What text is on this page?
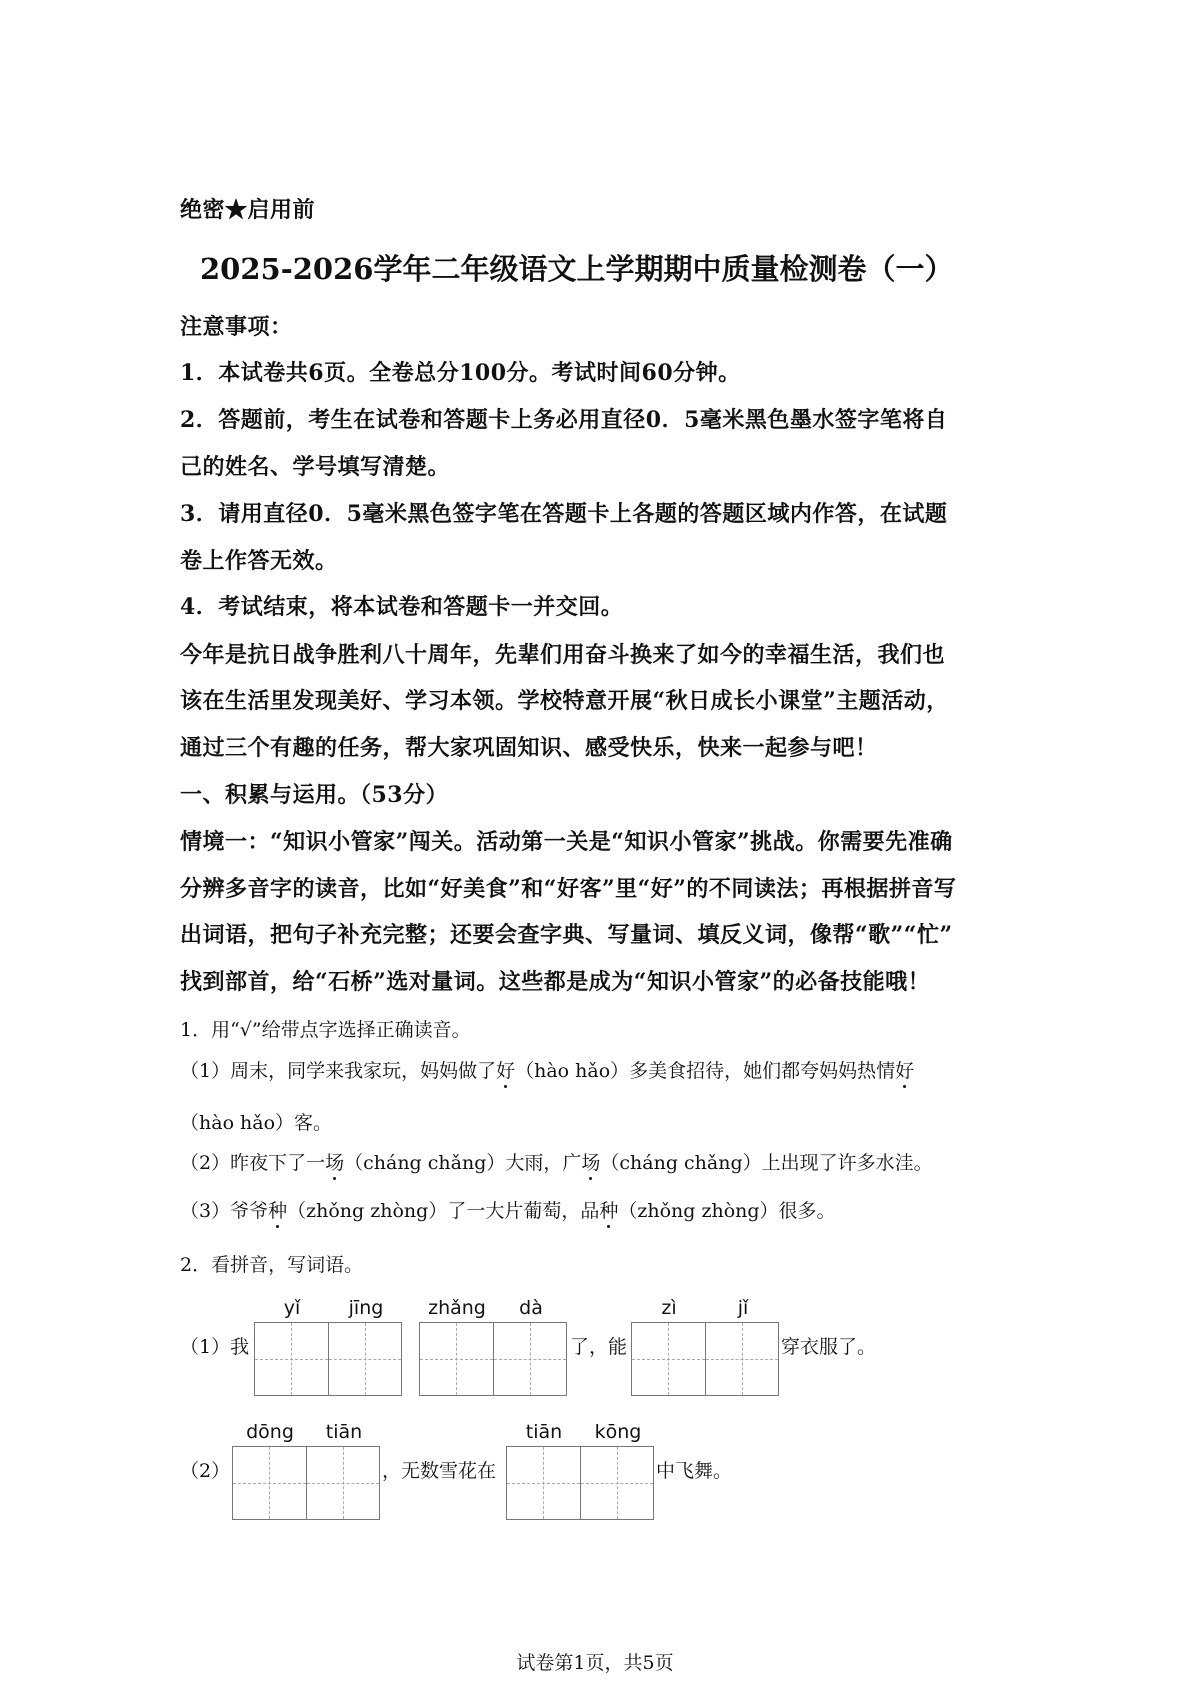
绝密★启用前
2025-2026学年二年级语文上学期期中质量检测卷（一）
注意事项：
1．本试卷共6页。全卷总分100分。考试时间60分钟。
2．答题前，考生在试卷和答题卡上务必用直径0．5毫米黑色墨水签字笔将自
己的姓名、学号填写清楚。
3．请用直径0．5毫米黑色签字笔在答题卡上各题的答题区域内作答，在试题
卷上作答无效。
4．考试结束，将本试卷和答题卡一并交回。
今年是抗日战争胜利八十周年，先辈们用奋斗换来了如今的幸福生活，我们也
该在生活里发现美好、学习本领。学校特意开展“秋日成长小课堂”主题活动，
通过三个有趣的任务，帮大家巩固知识、感受快乐，快来一起参与吧！
一、积累与运用。（53分）
情境一：“知识小管家”闯关。活动第一关是“知识小管家”挑战。你需要先准确
分辨多音字的读音，比如“好美食”和“好客”里“好”的不同读法；再根据拼音写
出词语，把句子补充完整；还要会查字典、写量词、填反义词，像帮“歌”“忙”
找到部首，给“石桥”选对量词。这些都是成为“知识小管家”的必备技能哦！
1．用“√”给带点字选择正确读音。
（1）周末，同学来我家玩，妈妈做了好（hào hǎo）多美食招待，她们都夸妈妈热情好
（hào hǎo）客。
（2）昨夜下了一场（cháng chǎng）大雨，广场（cháng chǎng）上出现了许多水洼。
（3）爷爷种（zhǒng zhòng）了一大片葡萄，品种（zhǒng zhòng）很多。
2．看拼音，写词语。
yǐ	jīng	zhǎng	dà	zì	jǐ
（1）我	了，能	穿衣服了。
dōng	tiān	tiān	kōng
（2）	，无数雪花在	中飞舞。
试卷第1页，共5页
